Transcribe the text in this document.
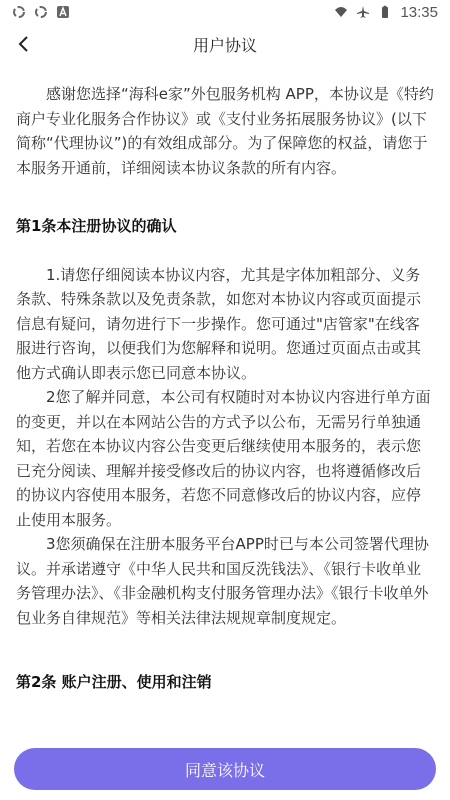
13:35
用户协议

感谢您选择“海科e家”外包服务机构 APP，本协议是《特约商户专业化服务合作协议》或《支付业务拓展服务协议》(以下简称“代理协议”)的有效组成部分。为了保障您的权益，请您于本服务开通前，详细阅读本协议条款的所有内容。

第1条本注册协议的确认

1.请您仔细阅读本协议内容，尤其是字体加粗部分、义务条款、特殊条款以及免责条款，如您对本协议内容或页面提示信息有疑问，请勿进行下一步操作。您可通过"店管家"在线客服进行咨询，以便我们为您解释和说明。您通过页面点击或其他方式确认即表示您已同意本协议。

2您了解并同意，本公司有权随时对本协议内容进行单方面的变更，并以在本网站公告的方式予以公布，无需另行单独通知，若您在本协议内容公告变更后继续使用本服务的，表示您已充分阅读、理解并接受修改后的协议内容，也将遵循修改后的协议内容使用本服务，若您不同意修改后的协议内容，应停止使用本服务。

3您须确保在注册本服务平台APP时已与本公司签署代理协议。并承诺遵守《中华人民共和国反洗钱法》、《银行卡收单业务管理办法》、《非金融机构支付服务管理办法》《银行卡收单外包业务自律规范》等相关法律法规规章制度规定。

第2条 账户注册、使用和注销

同意该协议
